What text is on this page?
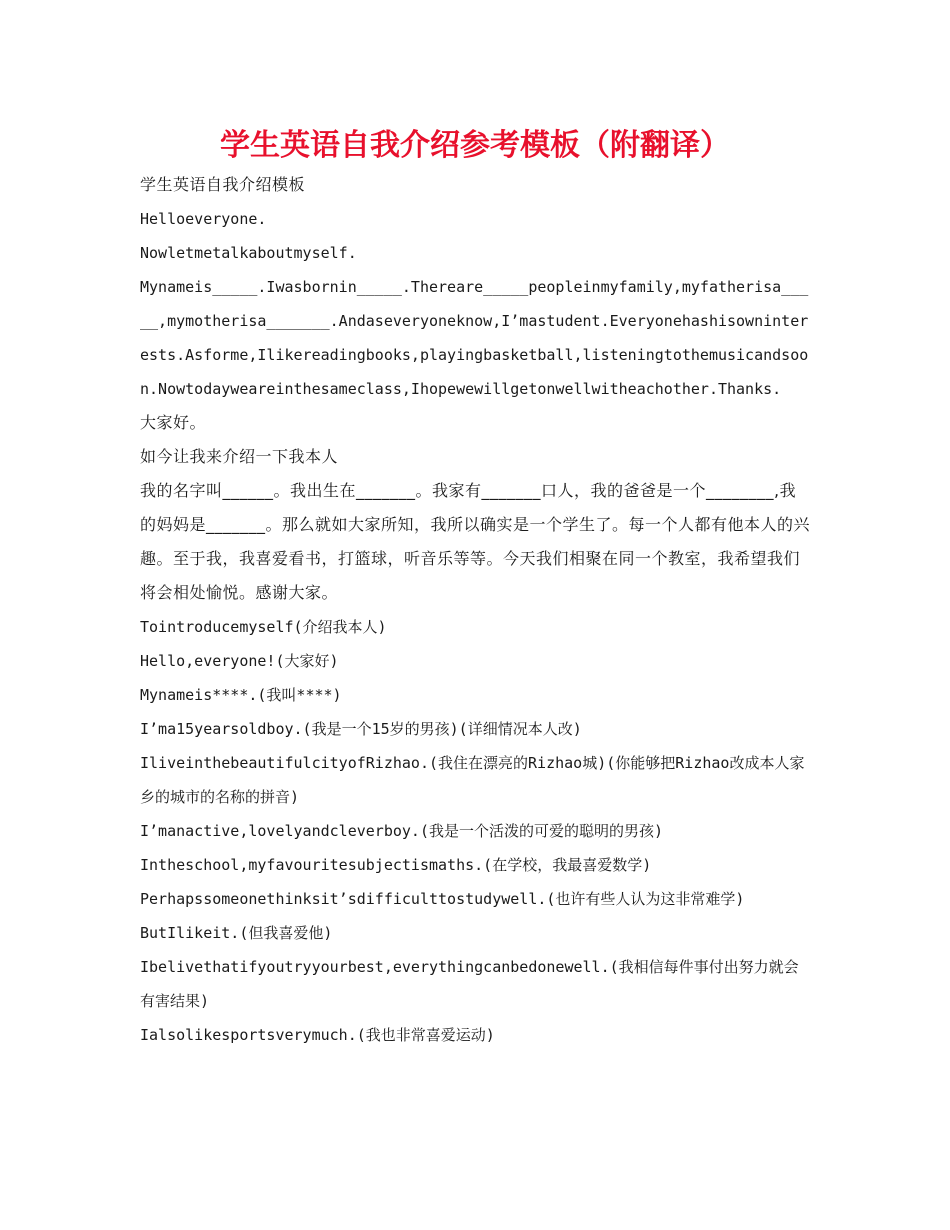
学生英语自我介绍参考模板（附翻译）

学生英语自我介绍模板

Helloeveryone.

Nowletmetalkaboutmyself.

Mynameis_____.Iwasbornin_____.Thereare_____peopleinmyfamily,myfatherisa_____,mymotherisa_______.Andaseveryoneknow,I’mastudent.Everyonehashisowninterests.Asforme,Ilikereadingbooks,playingbasketball,listeningtothemusicandsoon.Nowtodayweareinthesameclass,Ihopewewillgetonwellwitheachother.Thanks.

大家好。

如今让我来介绍一下我本人

我的名字叫______。我出生在_______。我家有_______口人，我的爸爸是一个________,我的妈妈是_______。那么就如大家所知，我所以确实是一个学生了。每一个人都有他本人的兴趣。至于我，我喜爱看书，打篮球，听音乐等等。今天我们相聚在同一个教室，我希望我们将会相处愉悦。感谢大家。

Tointroducemyself(介绍我本人)

Hello,everyone!(大家好)

Mynameis****.(我叫****)

I’ma15yearsoldboy.(我是一个15岁的男孩)(详细情况本人改)

IliveinthebeautifulcityofRizhao.(我住在漂亮的Rizhao城)(你能够把Rizhao改成本人家乡的城市的名称的拼音)

I’manactive,lovelyandcleverboy.(我是一个活泼的可爱的聪明的男孩)

Intheschool,myfavouritesubjectismaths.(在学校，我最喜爱数学)

Perhapssomeonethinksit’sdifficulttostudywell.(也许有些人认为这非常难学)

ButIlikeit.(但我喜爱他)

Ibelivethatifyoutryyourbest,everythingcanbedonewell.(我相信每件事付出努力就会有害结果)

Ialsolikesportsverymuch.(我也非常喜爱运动)
